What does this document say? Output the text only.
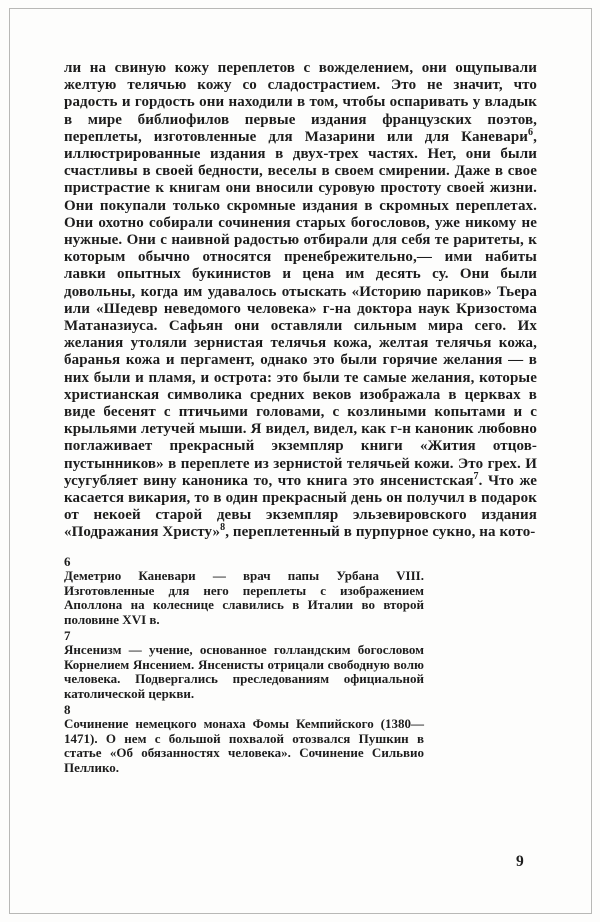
ли на свиную кожу переплетов с вожделением, они ощупывали желтую телячью кожу со сладострастием. Это не значит, что радость и гордость они находили в том, чтобы оспаривать у владык в мире библиофилов первые издания французских поэтов, переплеты, изготовленные для Мазарини или для Каневари$^6$, иллюстрированные издания в двух-трех частях. Нет, они были счастливы в своей бедности, веселы в своем смирении. Даже в свое пристрастие к книгам они вносили суровую простоту своей жизни. Они покупали только скромные издания в скромных переплетах. Они охотно собирали сочинения старых богословов, уже никому не нужные. Они с наивной радостью отбирали для себя те раритеты, к которым обычно относятся пренебрежительно,— ими набиты лавки опытных букинистов и цена им десять су. Они были довольны, когда им удавалось отыскать «Историю париков» Тьера или «Шедевр неведомого человека» г-на доктора наук Кризостома Матаназиуса. Сафьян они оставляли сильным мира сего. Их желания утоляли зернистая телячья кожа, желтая телячья кожа, баранья кожа и пергамент, однако это были горячие желания — в них были и пламя, и острота: это были те самые желания, которые христианская символика средних веков изображала в церквах в виде бесенят с птичьими головами, с козлиными копытами и с крыльями летучей мыши. Я видел, видел, как г-н каноник любовно поглаживает прекрасный экземпляр книги «Жития отцов-пустынников» в переплете из зернистой телячьей кожи. Это грех. И усугубляет вину каноника то, что книга это янсенистская$^7$. Что же касается викария, то в один прекрасный день он получил в подарок от некоей старой девы экземпляр эльзевировского издания «Подражания Христу»$^8$, переплетенный в пурпурное сукно, на кото-

6
Деметрио Каневари — врач папы Урбана VIII. Изготовленные для него переплеты с изображением Аполлона на колеснице славились в Италии во второй половине XVI в.
7
Янсенизм — учение, основанное голландским богословом Корнелием Янсением. Янсенисты отрицали свободную волю человека. Подвергались преследованиям официальной католической церкви.
8
Сочинение немецкого монаха Фомы Кемпийского (1380—1471). О нем с большой похвалой отозвался Пушкин в статье «Об обязанностях человека». Сочинение Сильвио Пеллико.
9
